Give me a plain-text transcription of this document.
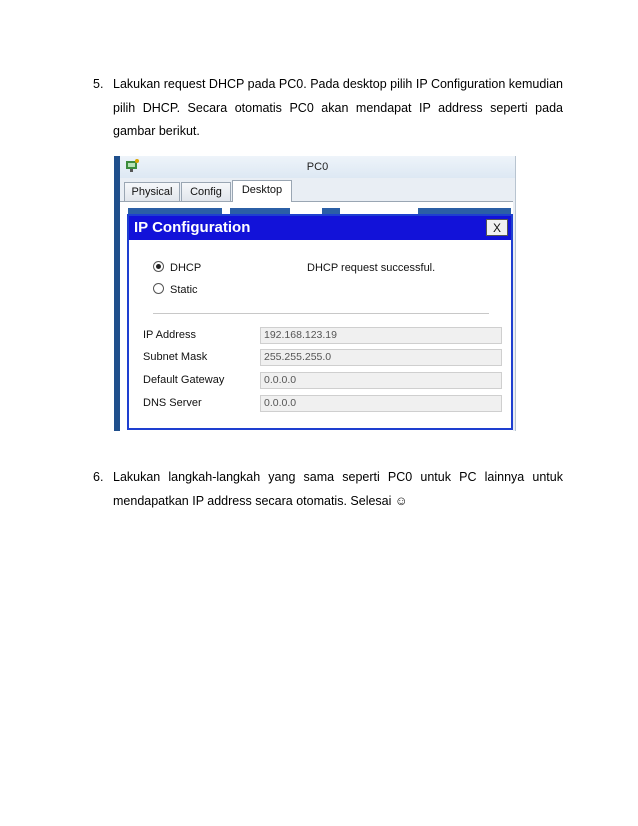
5. Lakukan request DHCP pada PC0. Pada desktop pilih IP Configuration kemudian pilih DHCP. Secara otomatis PC0 akan mendapat IP address seperti pada gambar berikut.
PC0
Physical	Config	Desktop
IP Configuration	X
DHCP
Static
DHCP request successful.
IP Address	192.168.123.19
Subnet Mask	255.255.255.0
Default Gateway	0.0.0.0
DNS Server	0.0.0.0
6. Lakukan langkah-langkah yang sama seperti PC0 untuk PC lainnya untuk mendapatkan IP address secara otomatis. Selesai ☺
